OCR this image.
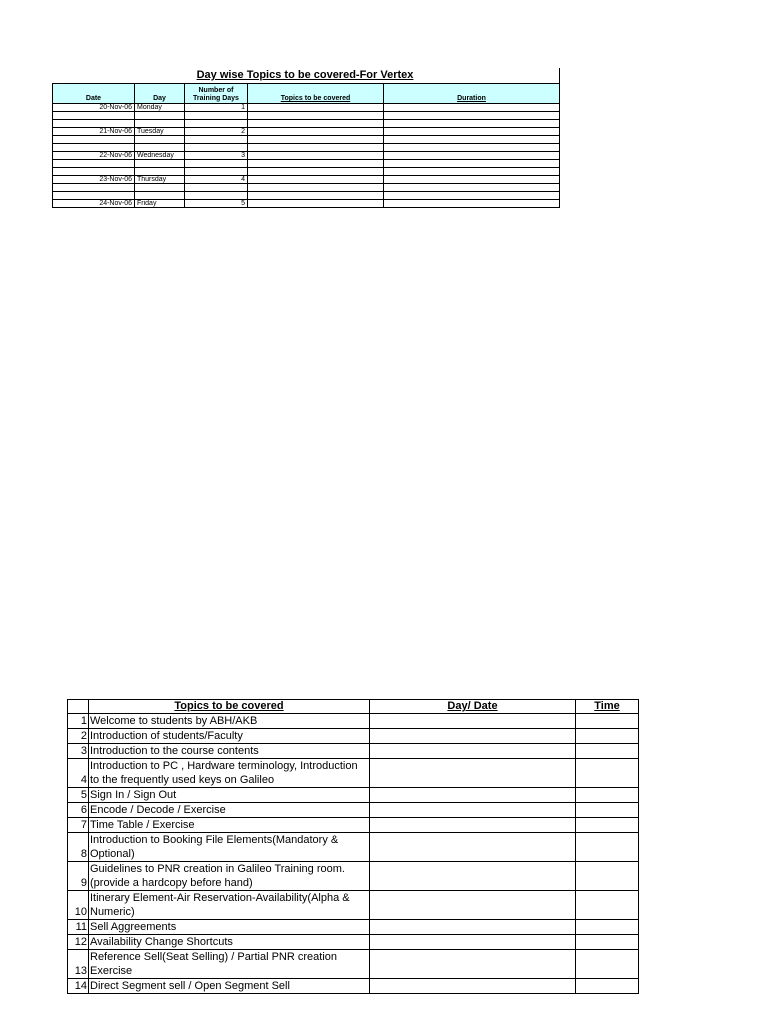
Day wise Topics to be covered-For Vertex
Date	Day	Number of Training Days	Topics to be covered	Duration
20-Nov-06	Monday	1		

21-Nov-06	Tuesday	2		

22-Nov-06	Wednesday	3		

23-Nov-06	Thursday	4		

24-Nov-06	Friday	5		
	Topics to be covered	Day/ Date	Time
1	Welcome to students by ABH/AKB		
2	Introduction of students/Faculty		
3	Introduction to the course contents		
4	Introduction to PC , Hardware terminology, Introduction to the frequently used keys on Galileo		
5	Sign In / Sign Out		
6	Encode / Decode / Exercise		
7	Time Table / Exercise		
8	Introduction to Booking File Elements(Mandatory & Optional)		
9	Guidelines to PNR creation in Galileo Training room.(provide a hardcopy before hand)		
10	Itinerary Element-Air Reservation-Availability(Alpha & Numeric)		
11	Sell Aggreements		
12	Availability Change Shortcuts		
13	Reference Sell(Seat Selling) / Partial PNR creation Exercise		
14	Direct Segment sell / Open Segment Sell		
